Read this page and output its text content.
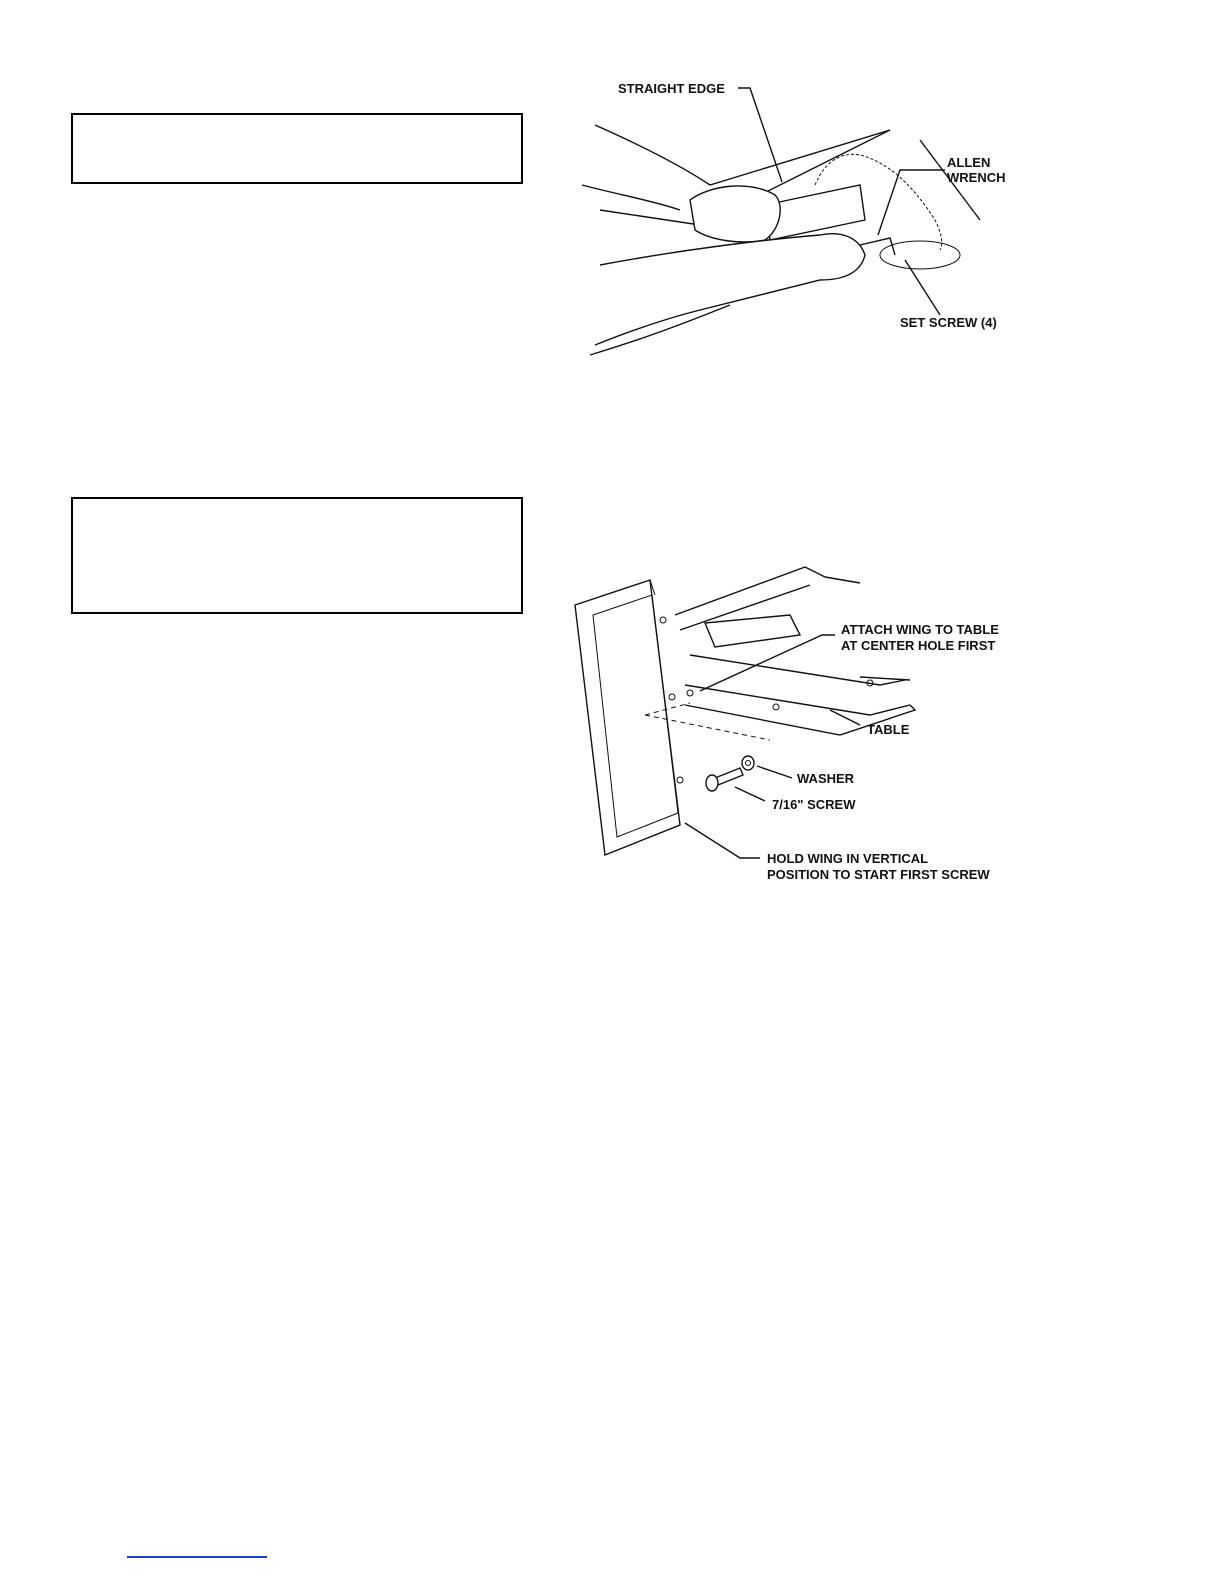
STRAIGHT EDGE
ALLEN
WRENCH
SET SCREW (4)
ATTACH WING TO TABLE
AT CENTER HOLE FIRST
TABLE
WASHER
7/16" SCREW
HOLD WING IN VERTICAL
POSITION TO START FIRST SCREW
